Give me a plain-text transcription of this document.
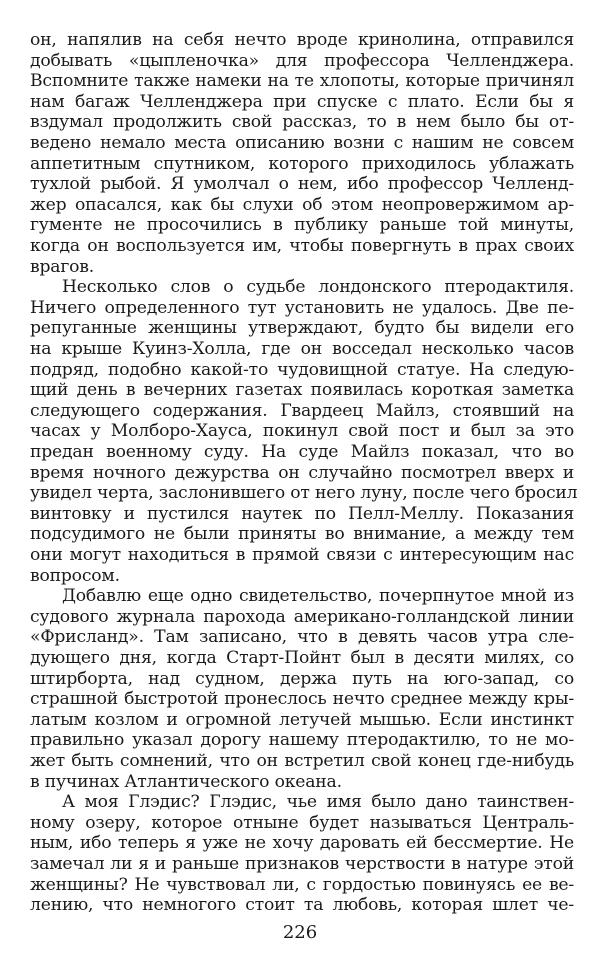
он, напялив на себя нечто вроде кринолина, отправился
добывать «цыпленочка» для профессора Челленджера.
Вспомните также намеки на те хлопоты, которые причинял
нам багаж Челленджера при спуске с плато. Если бы я
вздумал продолжить свой рассказ, то в нем было бы от-
ведено немало места описанию возни с нашим не совсем
аппетитным спутником, которого приходилось ублажать
тухлой рыбой. Я умолчал о нем, ибо профессор Челленд-
жер опасался, как бы слухи об этом неопровержимом ар-
гументе не просочились в публику раньше той минуты,
когда он воспользуется им, чтобы повергнуть в прах своих
врагов.
Несколько слов о судьбе лондонского птеродактиля.
Ничего определенного тут установить не удалось. Две пе-
репуганные женщины утверждают, будто бы видели его
на крыше Куинз-Холла, где он восседал несколько часов
подряд, подобно какой-то чудовищной статуе. На следую-
щий день в вечерних газетах появилась короткая заметка
следующего содержания. Гвардеец Майлз, стоявший на
часах у Молборо-Хауса, покинул свой пост и был за это
предан военному суду. На суде Майлз показал, что во
время ночного дежурства он случайно посмотрел вверх и
увидел черта, заслонившего от него луну, после чего бросил
винтовку и пустился наутек по Пелл-Меллу. Показания
подсудимого не были приняты во внимание, а между тем
они могут находиться в прямой связи с интересующим нас
вопросом.
Добавлю еще одно свидетельство, почерпнутое мной из
судового журнала парохода американо-голландской линии
«Фрисланд». Там записано, что в девять часов утра сле-
дующего дня, когда Старт-Пойнт был в десяти милях, со
штирборта, над судном, держа путь на юго-запад, со
страшной быстротой пронеслось нечто среднее между кры-
латым козлом и огромной летучей мышью. Если инстинкт
правильно указал дорогу нашему птеродактилю, то не мо-
жет быть сомнений, что он встретил свой конец где-нибудь
в пучинах Атлантического океана.
А моя Глэдис? Глэдис, чье имя было дано таинствен-
ному озеру, которое отныне будет называться Централь-
ным, ибо теперь я уже не хочу даровать ей бессмертие. Не
замечал ли я и раньше признаков черствости в натуре этой
женщины? Не чувствовал ли, с гордостью повинуясь ее ве-
лению, что немногого стоит та любовь, которая шлет че-
226
